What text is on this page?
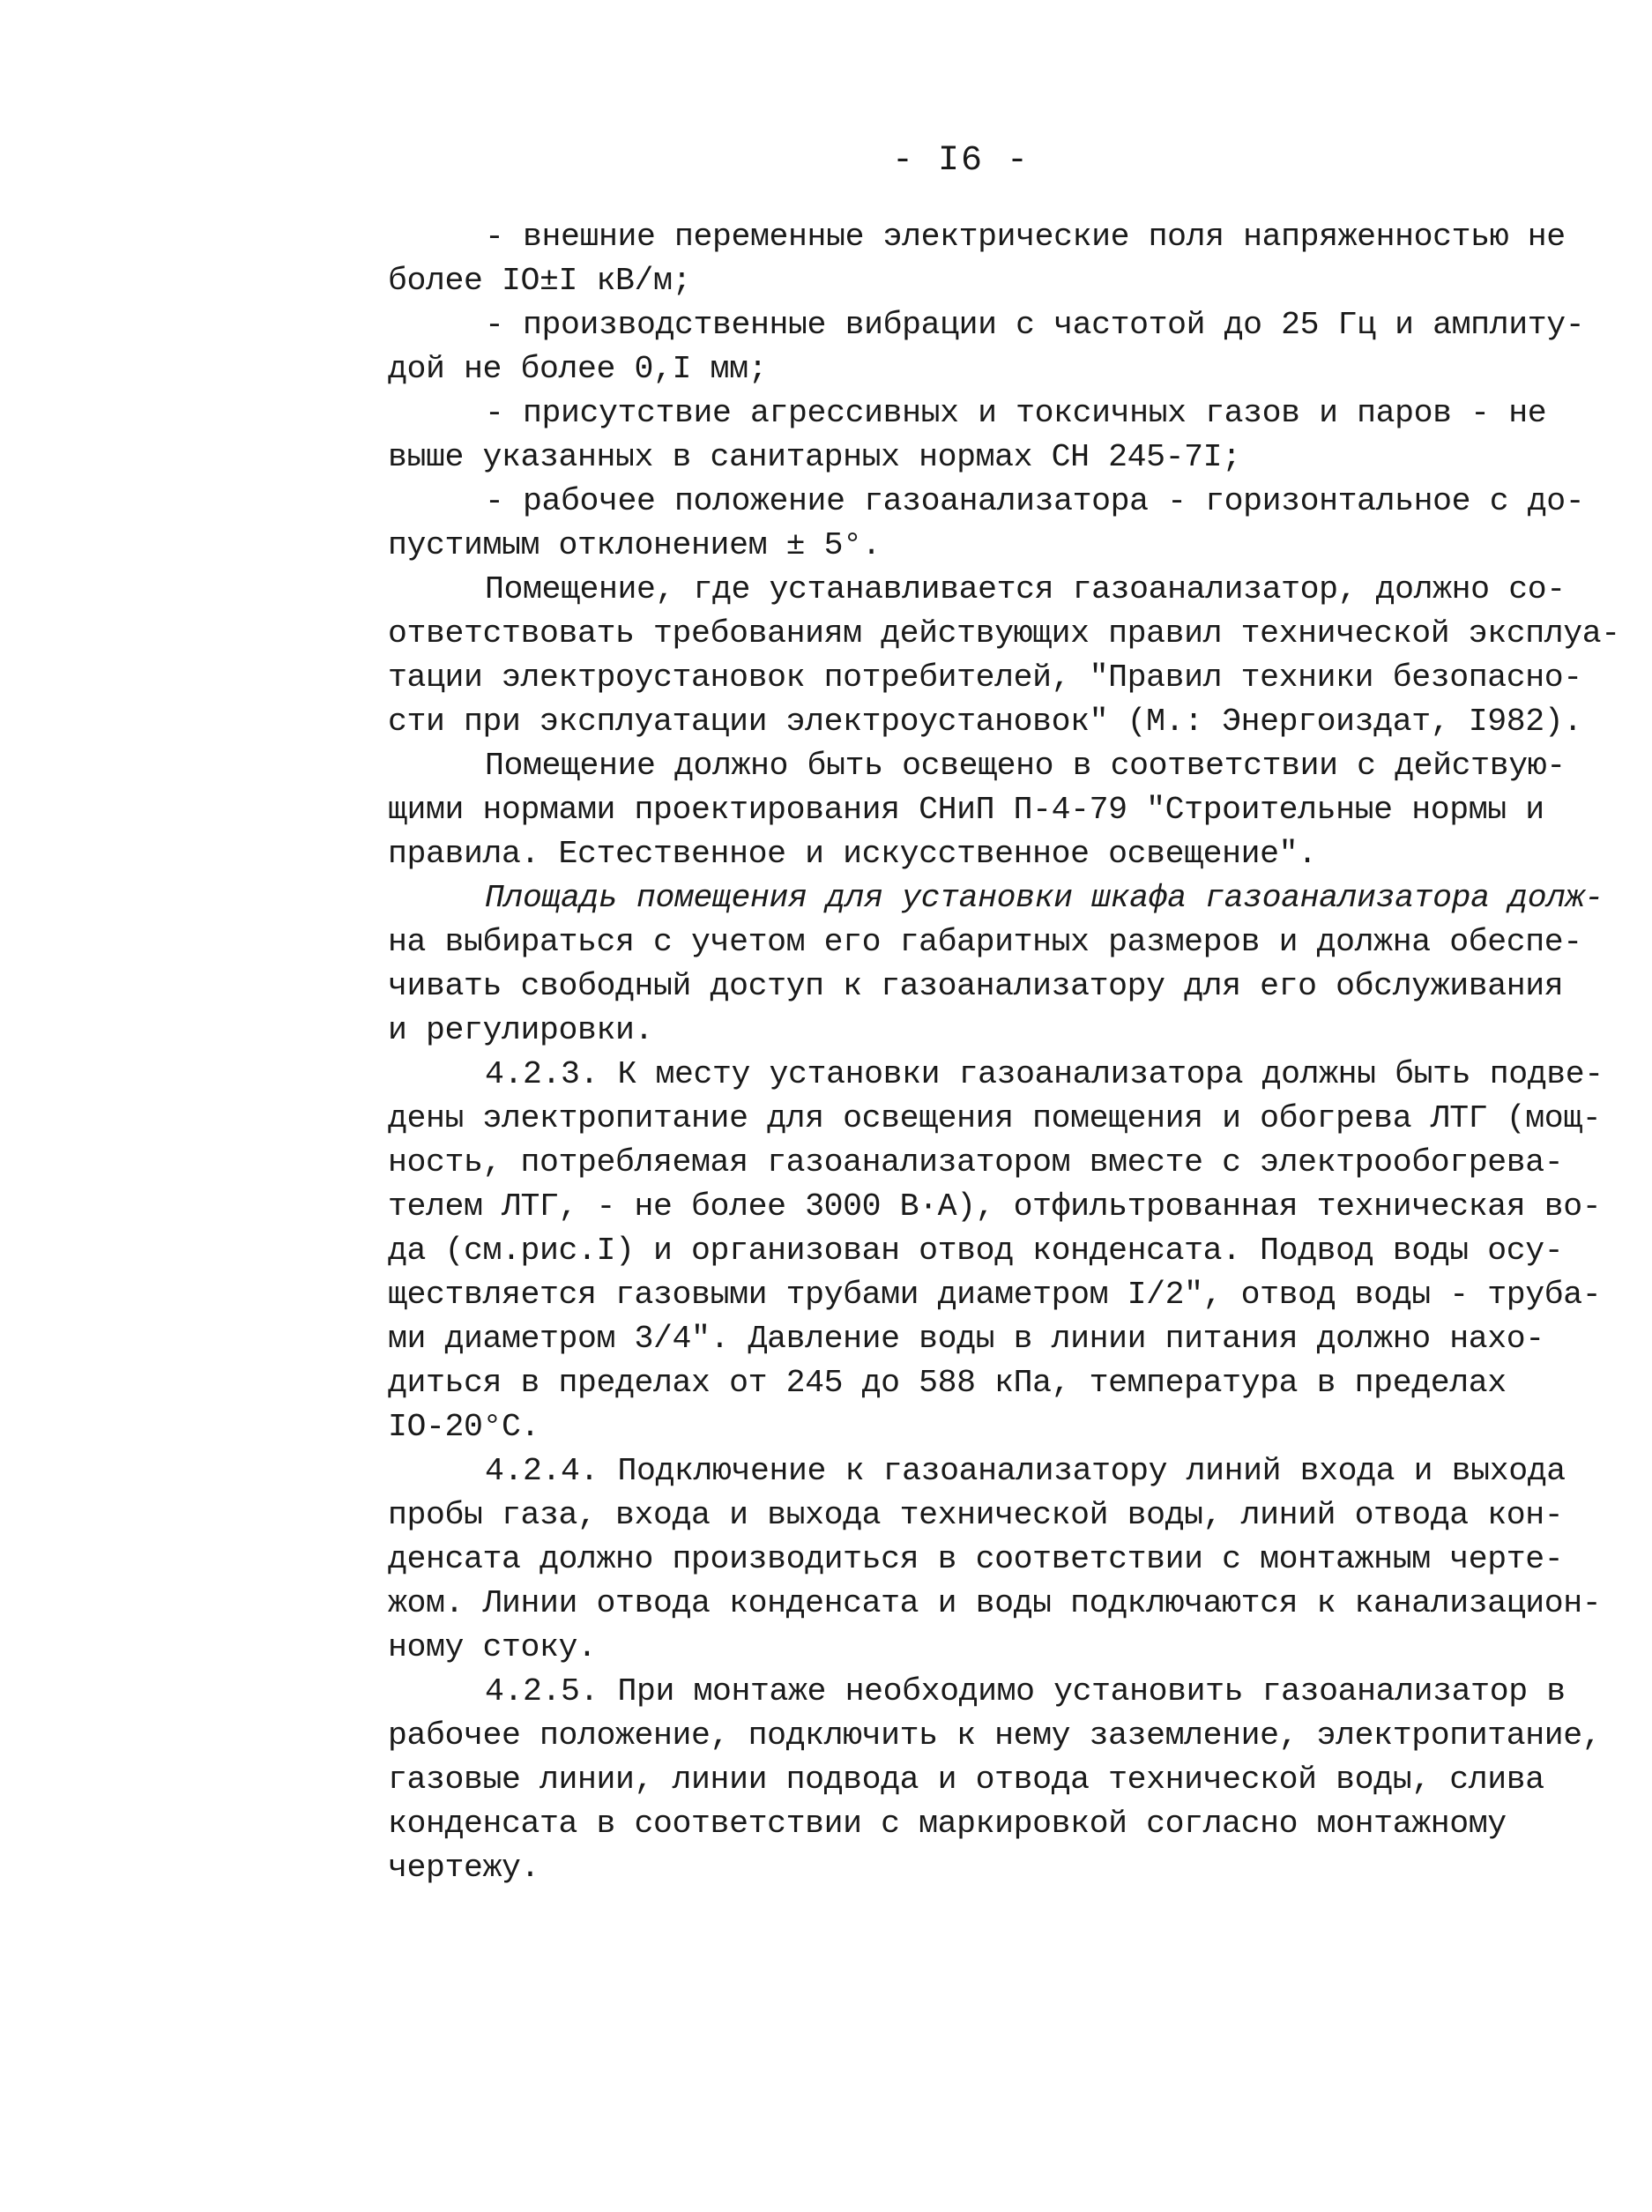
- I6 -
- внешние переменные электрические поля напряженностью не
более IO±I кВ/м;
- производственные вибрации с частотой до 25 Гц и амплиту-
дой не более 0,I мм;
- присутствие агрессивных и токсичных газов и паров - не
выше указанных в санитарных нормах СН 245-7I;
- рабочее положение газоанализатора - горизонтальное с до-
пустимым отклонением ± 5°.
Помещение, где устанавливается газоанализатор, должно со-
ответствовать требованиям действующих правил технической эксплуа-
тации электроустановок потребителей, "Правил техники безопасно-
сти при эксплуатации электроустановок" (М.: Энергоиздат, I982).
Помещение должно быть освещено в соответствии с действую-
щими нормами проектирования СНиП П-4-79 "Строительные нормы и
правила. Естественное и искусственное освещение".
Площадь помещения для установки шкафа газоанализатора долж-
на выбираться с учетом его габаритных размеров и должна обеспе-
чивать свободный доступ к газоанализатору для его обслуживания
и регулировки.
4.2.3. К месту установки газоанализатора должны быть подве-
дены электропитание для освещения помещения и обогрева ЛТГ (мощ-
ность, потребляемая газоанализатором вместе с электрообогрева-
телем ЛТГ, - не более 3000 В·А), отфильтрованная техническая во-
да (см.рис.I) и организован отвод конденсата. Подвод воды осу-
ществляется газовыми трубами диаметром I/2", отвод воды - труба-
ми диаметром 3/4". Давление воды в линии питания должно нахо-
диться в пределах от 245 до 588 кПа, температура в пределах
IO-20°С.
4.2.4. Подключение к газоанализатору линий входа и выхода
пробы газа, входа и выхода технической воды, линий отвода кон-
денсата должно производиться в соответствии с монтажным черте-
жом. Линии отвода конденсата и воды подключаются к канализацион-
ному стоку.
4.2.5. При монтаже необходимо установить газоанализатор в
рабочее положение, подключить к нему заземление, электропитание,
газовые линии, линии подвода и отвода технической воды, слива
конденсата в соответствии с маркировкой согласно монтажному
чертежу.
